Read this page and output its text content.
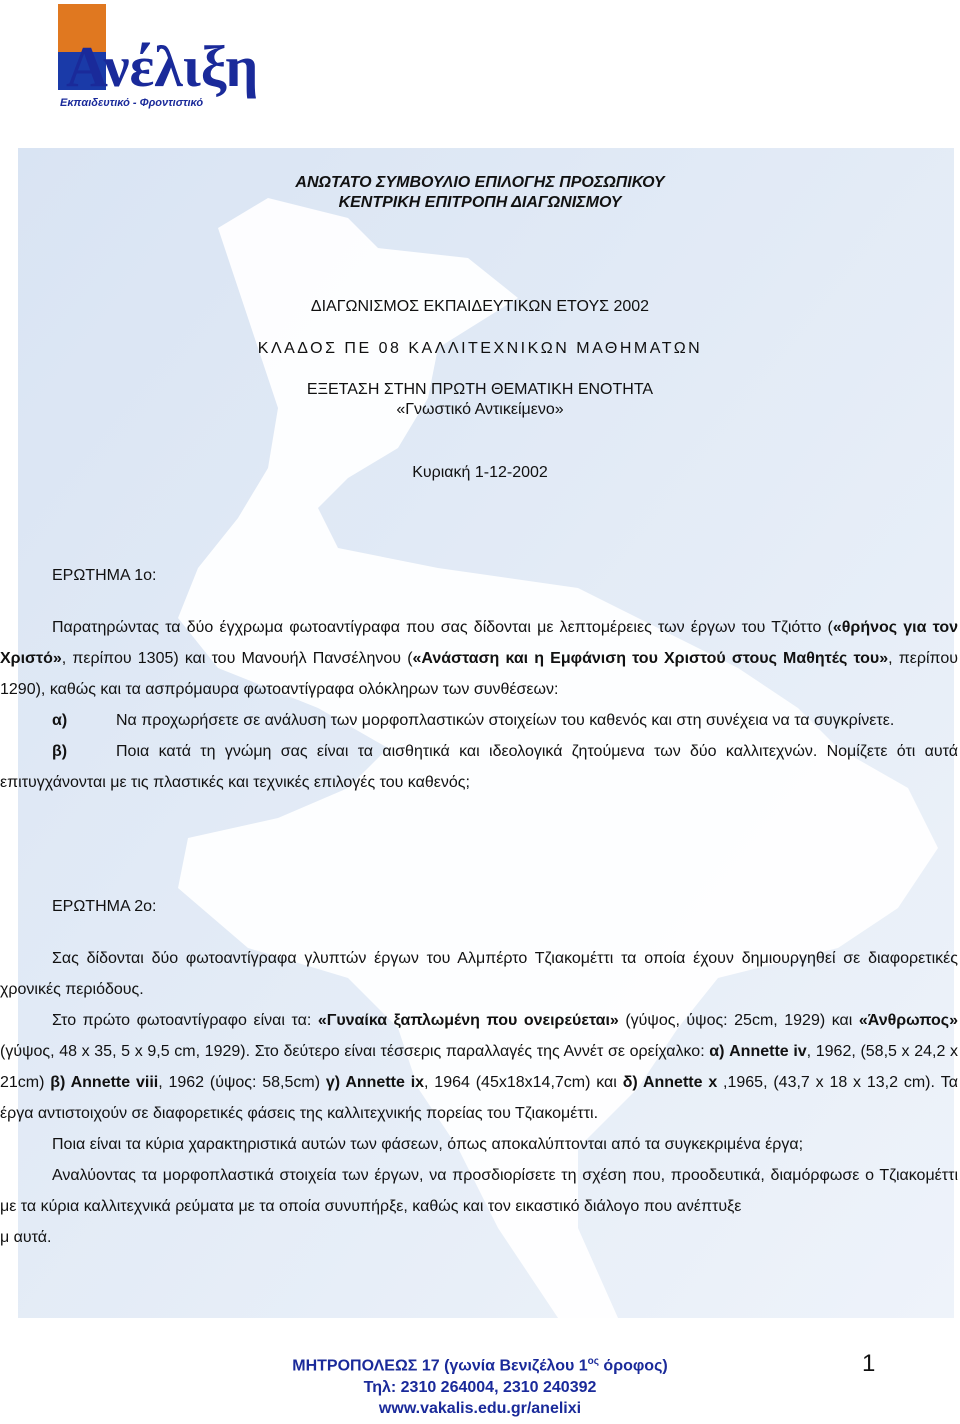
Ανέλιξη
Εκπαιδευτικό - Φροντιστικό
ΑΝΩΤΑΤΟ ΣΥΜΒΟΥΛΙΟ ΕΠΙΛΟΓΗΣ ΠΡΟΣΩΠΙΚΟΥ
ΚΕΝΤΡΙΚΗ ΕΠΙΤΡΟΠΗ ΔΙΑΓΩΝΙΣΜΟΥ
ΔΙΑΓΩΝΙΣΜΟΣ ΕΚΠΑΙΔΕΥΤΙΚΩΝ ΕΤΟΥΣ 2002
ΚΛΑΔΟΣ ΠΕ 08 ΚΑΛΛΙΤΕΧΝΙΚΩΝ ΜΑΘΗΜΑΤΩΝ
ΕΞΕΤΑΣΗ ΣΤΗΝ ΠΡΩΤΗ ΘΕΜΑΤΙΚΗ ΕΝΟΤΗΤΑ
«Γνωστικό Αντικείμενο»
Κυριακή 1-12-2002
ΕΡΩΤΗΜΑ 1ο:

Παρατηρώντας τα δύο έγχρωμα φωτοαντίγραφα που σας δίδονται με λεπτομέρειες των έργων του Τζιόττο («θρήνος για τον Χριστό», περίπου 1305) και του Μανουήλ Πανσέληνου («Ανάσταση και η Εμφάνιση του Χριστού στους Μαθητές του», περίπου 1290), καθώς και τα ασπρόμαυρα φωτοαντίγραφα ολόκληρων των συνθέσεων:

α)	Να προχωρήσετε σε ανάλυση των μορφοπλαστικών στοιχείων του καθενός και στη συνέχεια να τα συγκρίνετε.

β)	Ποια κατά τη γνώμη σας είναι τα αισθητικά και ιδεολογικά ζητούμενα των δύο καλλιτεχνών. Νομίζετε ότι αυτά επιτυγχάνονται με τις πλαστικές και τεχνικές επιλογές του καθενός;

ΕΡΩΤΗΜΑ 2ο:

Σας δίδονται δύο φωτοαντίγραφα γλυπτών έργων του Αλμπέρτο Τζιακομέττι τα οποία έχουν δημιουργηθεί σε διαφορετικές χρονικές περιόδους.

Στο πρώτο φωτοαντίγραφο είναι τα: «Γυναίκα ξαπλωμένη που ονειρεύεται» (γύψος, ύψος: 25cm, 1929) και «Άνθρωπος» (γύψος, 48 x 35, 5 x 9,5 cm, 1929). Στο δεύτερο είναι τέσσερις παραλλαγές της Αννέτ σε ορείχαλκο: α) Annette iv, 1962, (58,5 x 24,2 x 21cm) β) Annette viii, 1962 (ύψος: 58,5cm) γ) Annette ix, 1964 (45x18x14,7cm) και δ) Annette x ,1965, (43,7 x 18 x 13,2 cm). Τα έργα αντιστοιχούν σε διαφορετικές φάσεις της καλλιτεχνικής πορείας του Τζιακομέττι.

Ποια είναι τα κύρια χαρακτηριστικά αυτών των φάσεων, όπως αποκαλύπτονται από τα συγκεκριμένα έργα;

Αναλύοντας τα μορφοπλαστικά στοιχεία των έργων, να προσδιορίσετε τη σχέση που, προοδευτικά, διαμόρφωσε ο Τζιακομέττι με τα κύρια καλλιτεχνικά ρεύματα με τα οποία συνυπήρξε, καθώς και τον εικαστικό διάλογο που ανέπτυξε

μ αυτά.

ΜΗΤΡΟΠΟΛΕΩΣ 17 (γωνία Βενιζέλου $1^{o\varsigma}$ όροφος)
Τηλ: 2310 264004, 2310 240392
www.vakalis.edu.gr/anelixi
1
